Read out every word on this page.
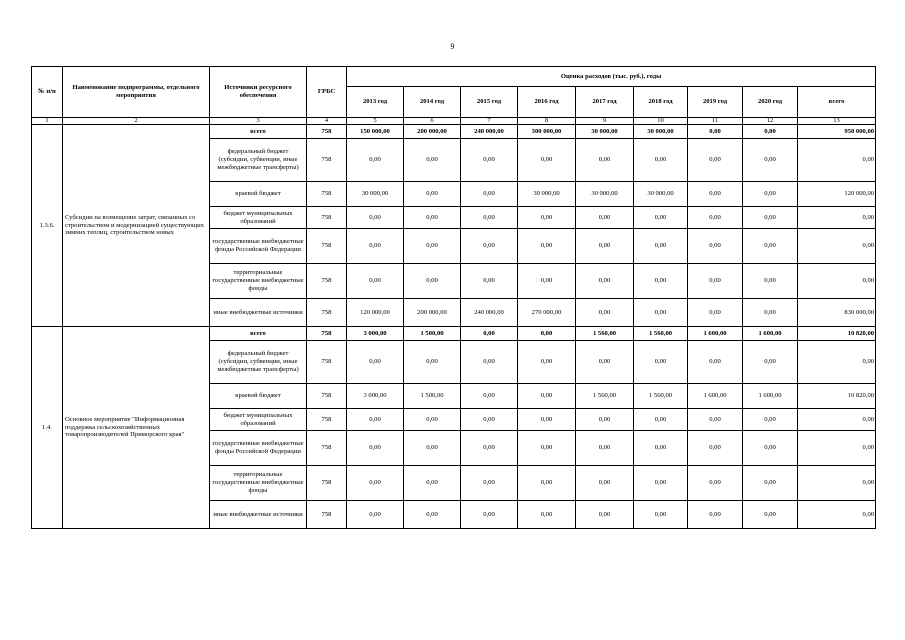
9
№ п/п	Наименование подпрограммы, отдельного мероприятия	Источники ресурсного обеспечения	ГРБС	Оценка расходов (тыс. руб.), годы								
				2013 год	2014 год	2015 год	2016 год	2017 год	2018 год	2019 год	2020 год	всего
1	2	3	4	5	6	7	8	9	10	11	12	13
1.3.6.	Субсидии на возмещение затрат, связанных со строительством и модернизацией существующих зимних теплиц, строительством новых	всего	758	150 000,00	200 000,00	240 000,00	300 000,00	30 000,00	30 000,00	0,00	0,00	950 000,00
		федеральный бюджет (субсидии, субвенции, иные межбюджетные трансферты)	758	0,00	0,00	0,00	0,00	0,00	0,00	0,00	0,00	0,00
		краевой бюджет	758	30 000,00	0,00	0,00	30 000,00	30 000,00	30 000,00	0,00	0,00	120 000,00
		бюджет муниципальных образований	758	0,00	0,00	0,00	0,00	0,00	0,00	0,00	0,00	0,00
		государственные внебюджетные фонды Российской Федерации	758	0,00	0,00	0,00	0,00	0,00	0,00	0,00	0,00	0,00
		территориальные государственные внебюджетные фонды	758	0,00	0,00	0,00	0,00	0,00	0,00	0,00	0,00	0,00
		иные внебюджетные источники	758	120 000,00	200 000,00	240 000,00	270 000,00	0,00	0,00	0,00	0,00	830 000,00
1.4.	Основное мероприятие "Информационная поддержка сельскохозяйственных товаропроизводителей Приморского края"	всего	758	3 000,00	1 500,00	0,00	0,00	1 560,00	1 560,00	1 600,00	1 600,00	10 820,00
		федеральный бюджет (субсидии, субвенции, иные межбюджетные трансферты)	758	0,00	0,00	0,00	0,00	0,00	0,00	0,00	0,00	0,00
		краевой бюджет	758	3 000,00	1 500,00	0,00	0,00	1 560,00	1 560,00	1 600,00	1 600,00	10 820,00
		бюджет муниципальных образований	758	0,00	0,00	0,00	0,00	0,00	0,00	0,00	0,00	0,00
		государственные внебюджетные фонды Российской Федерации	758	0,00	0,00	0,00	0,00	0,00	0,00	0,00	0,00	0,00
		территориальные государственные внебюджетные фонды	758	0,00	0,00	0,00	0,00	0,00	0,00	0,00	0,00	0,00
		иные внебюджетные источники	758	0,00	0,00	0,00	0,00	0,00	0,00	0,00	0,00	0,00
